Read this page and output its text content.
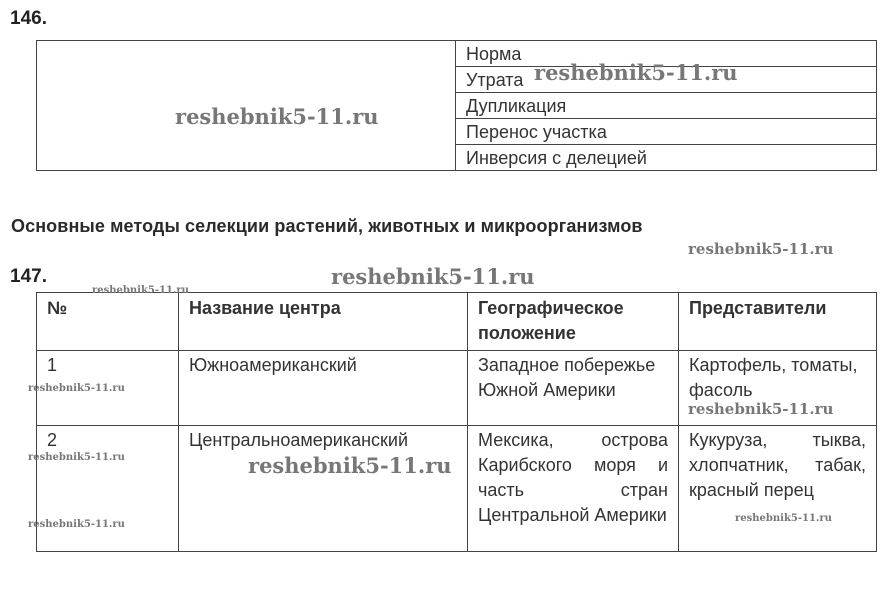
146.
	Норма
Утрата
Дупликация
Перенос участка
Инверсия с делецией
Основные методы селекции растений, животных и микроорганизмов
147.
№	Название центра	Географическое положение	Представители
1	Южноамериканский	Западное побережье Южной Америки	Картофель, томаты, фасоль
2	Центральноамериканский	Мексика, острова Карибского моря и часть стран Центральной Америки	Кукуруза, тыква, хлопчатник, табак, красный перец
reshebnik5-11.ru
reshebnik5-11.ru
reshebnik5-11.ru
reshebnik5-11.ru
reshebnik5-11.ru
reshebnik5-11.ru
reshebnik5-11.ru
reshebnik5-11.ru	reshebnik5-11.ru
reshebnik5-11.ru
reshebnik5-11.ru
